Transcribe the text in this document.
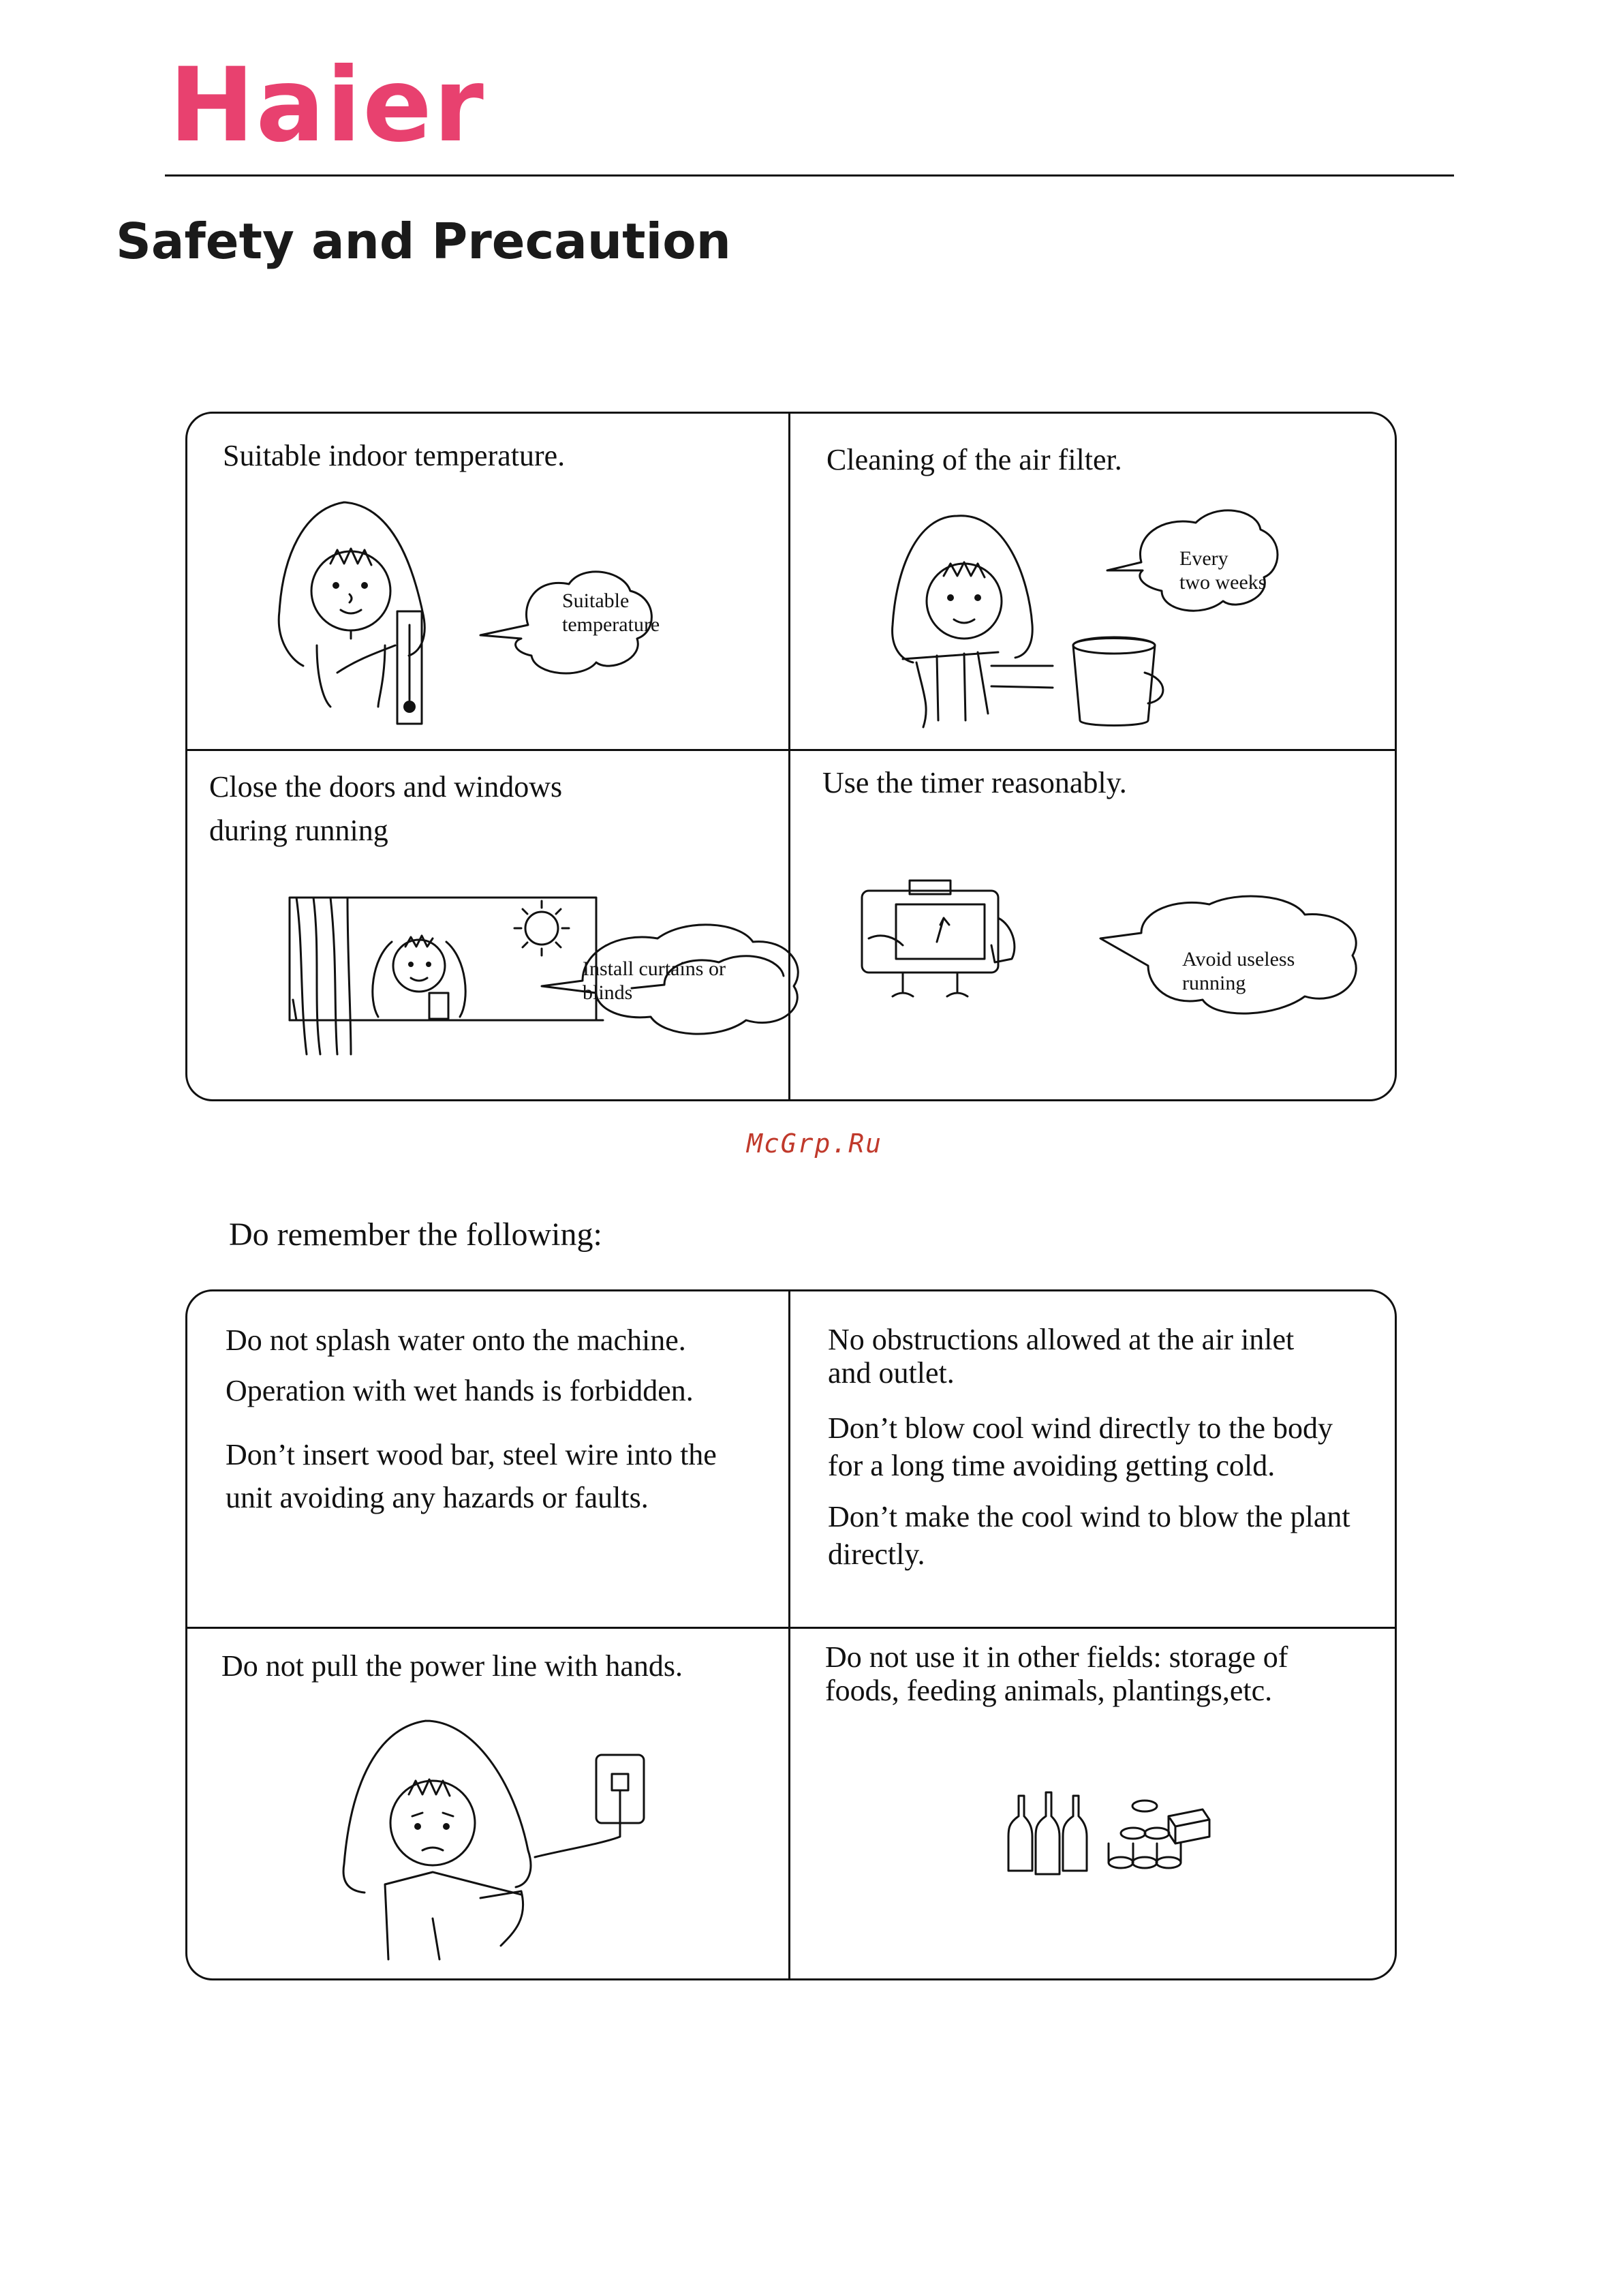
Haier
Safety and Precaution
Suitable indoor temperature.
Suitable
temperature
Cleaning of the air filter.
Every
two weeks
Close the doors and windows
during running
Install curtains or
blinds
Use the timer reasonably.
Avoid useless
running
McGrp.Ru
Do remember the following:
Do not splash water onto the machine.
Operation with wet hands is forbidden.
Don’t insert wood bar, steel wire into the
unit avoiding any hazards or faults.
No obstructions allowed at the air inlet
and outlet.
Don’t blow cool wind directly to the body
for a long time avoiding getting cold.
Don’t make the cool wind to blow the plant
directly.
Do not pull the power line with hands.	Do not use it in other fields: storage of
foods, feeding animals, plantings,etc.
